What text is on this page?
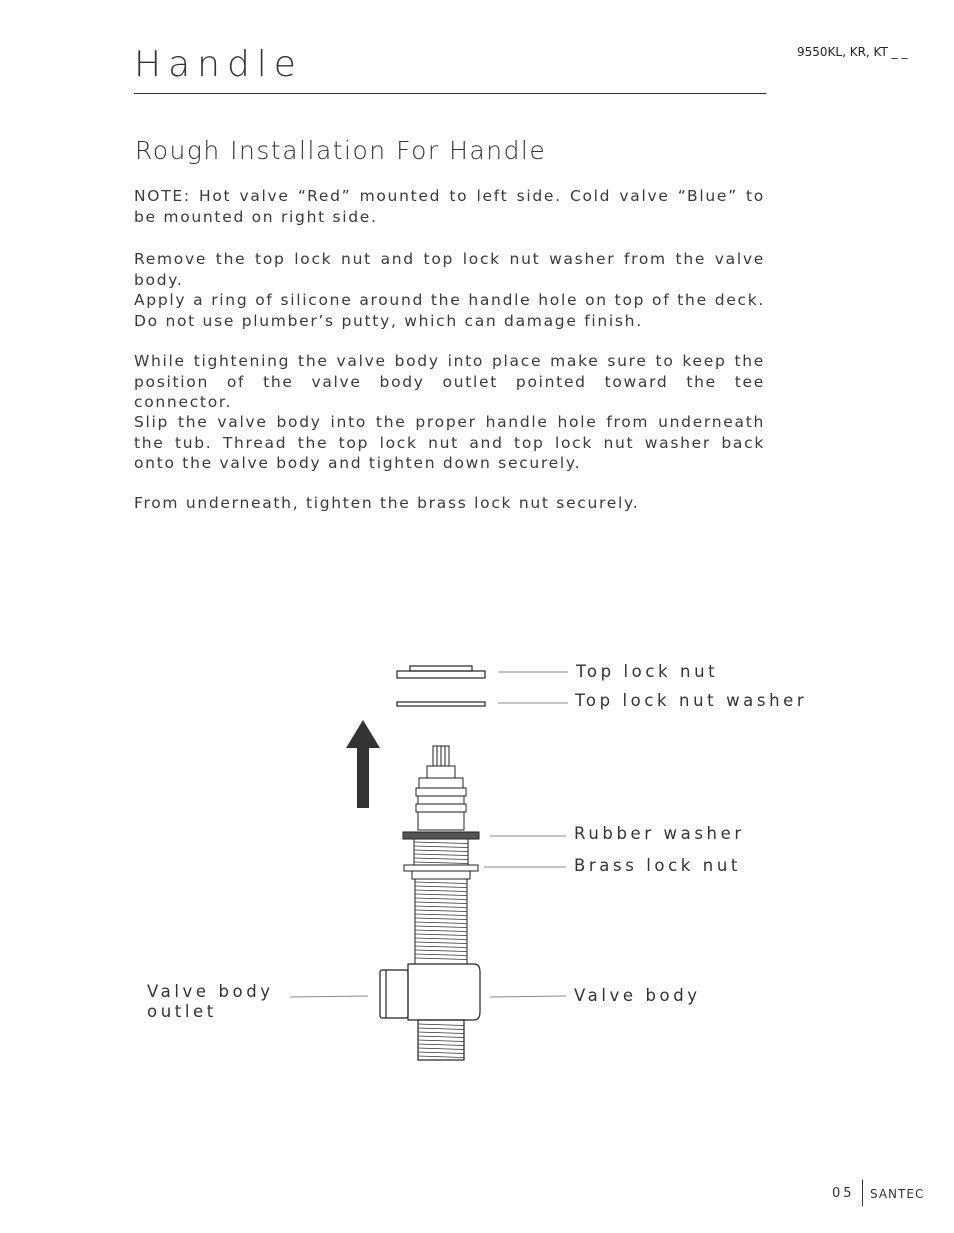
9550KL, KR, KT _ _
Handle
Rough Installation For Handle

NOTE: Hot valve “Red” mounted to left side. Cold valve “Blue” to be mounted on right side.

Remove the top lock nut and top lock nut washer from the valve body.

Apply a ring of silicone around the handle hole on top of the deck. Do not use plumber’s putty, which can damage finish.

While tightening the valve body into place make sure to keep the position of the valve body outlet pointed toward the tee connector.

Slip the valve body into the proper handle hole from underneath the tub. Thread the top lock nut and top lock nut washer back onto the valve body and tighten down securely.

From underneath, tighten the brass lock nut securely.

Top lock nut
Top lock nut washer
Rubber washer
Brass lock nut
Valve body
Valve body
outlet
05 SANTEC
